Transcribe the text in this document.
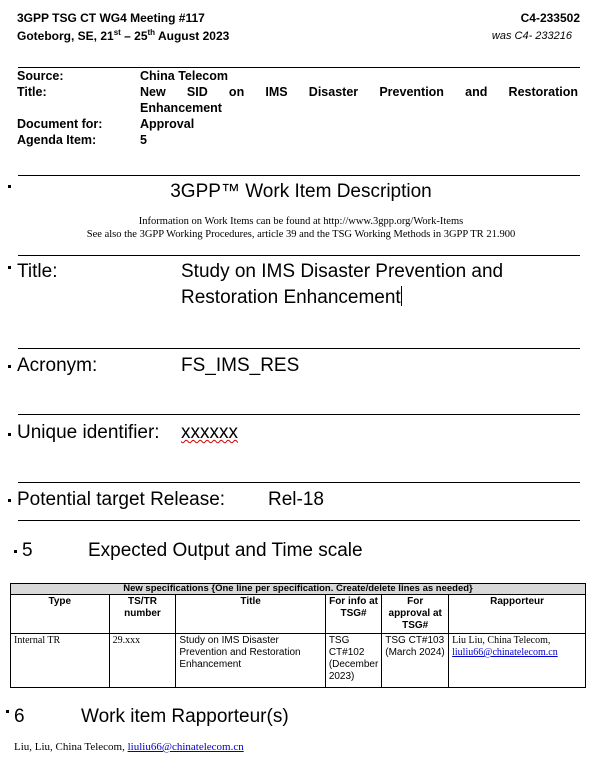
3GPP TSG CT WG4 Meeting #117	C4-233502
Goteborg, SE, 21st – 25th August 2023	was C4- 233216
Source:	China Telecom
Title:	New SID on IMS Disaster Prevention and Restoration
Enhancement
Document for:	Approval
Agenda Item:	5
3GPP™ Work Item Description
Information on Work Items can be found at http://www.3gpp.org/Work-Items
See also the 3GPP Working Procedures, article 39 and the TSG Working Methods in 3GPP TR 21.900
Title:	Study on IMS Disaster Prevention and
Restoration Enhancement
Acronym:	FS_IMS_RES
Unique identifier: xxxxxx
Potential target Release: Rel-18
5	Expected Output and Time scale
New specifications {One line per specification. Create/delete lines as needed}					
Type	TS/TR number	Title	For info at TSG#	For approval at TSG#	Rapporteur
Internal TR	29.xxx	Study on IMS Disaster Prevention and Restoration Enhancement	TSG CT#102 (December 2023)	TSG CT#103 (March 2024)	Liu Liu, China Telecom,
liuliu66@chinatelecom.cn
6	Work item Rapporteur(s)
Liu, Liu, China Telecom, liuliu66@chinatelecom.cn
